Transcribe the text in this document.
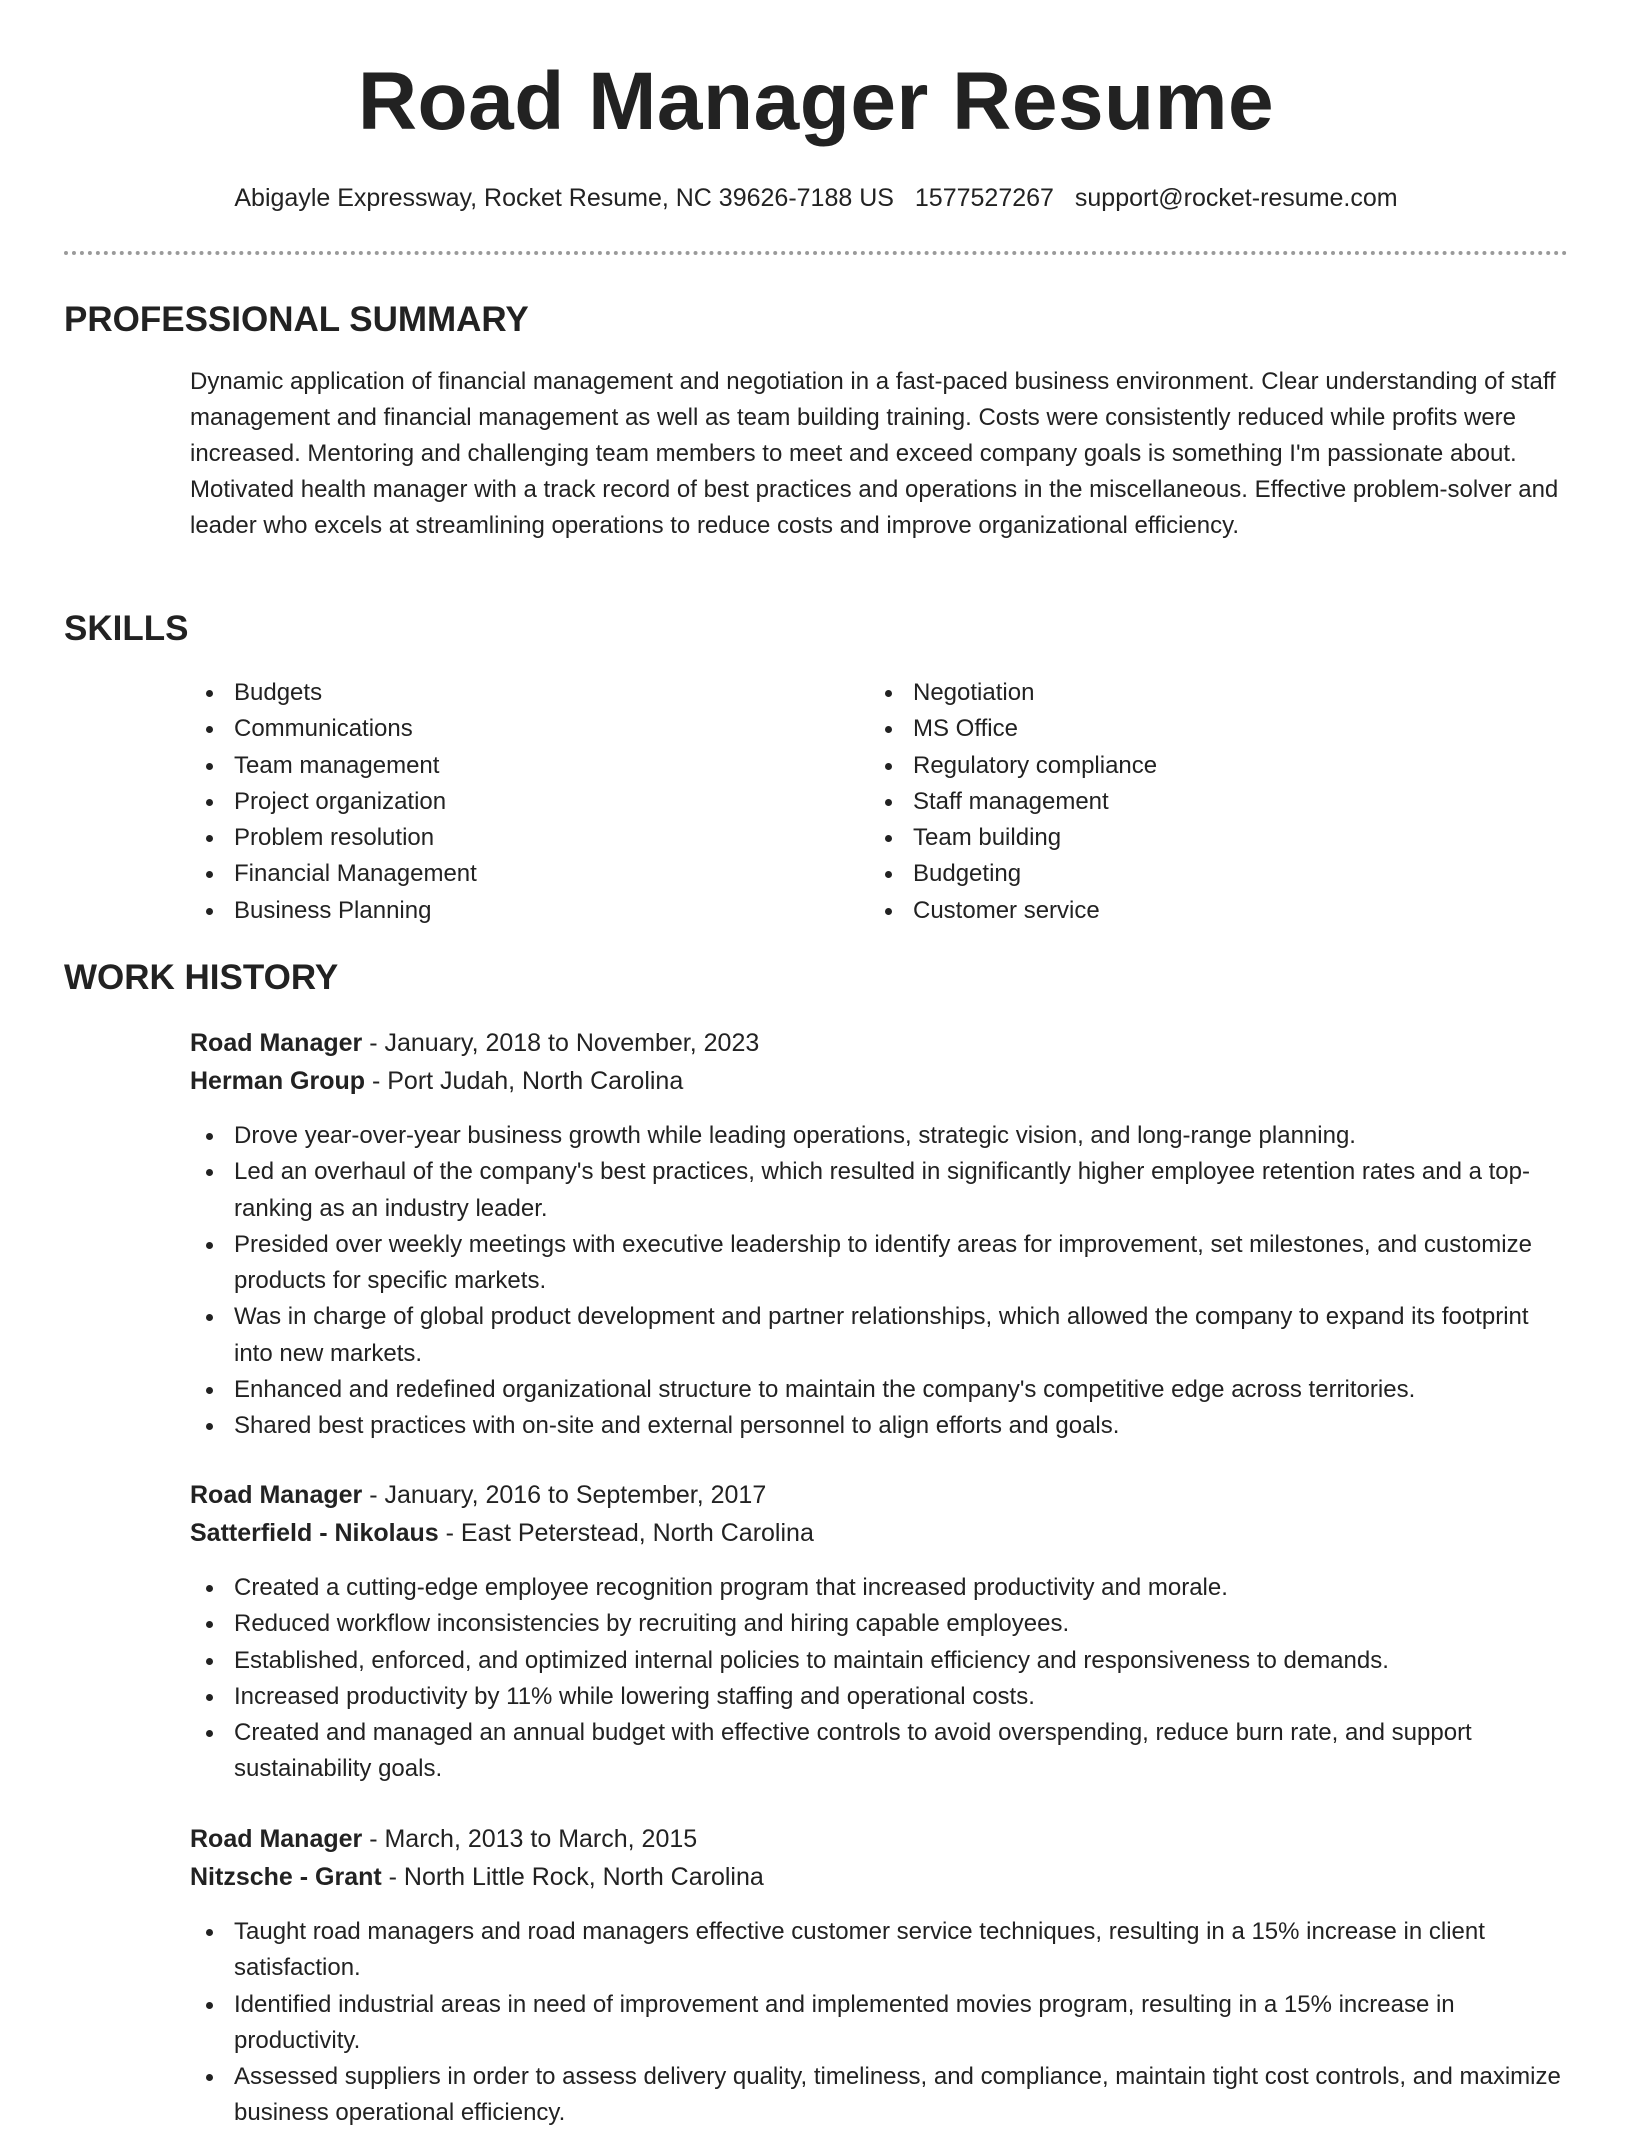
Road Manager Resume
Abigayle Expressway, Rocket Resume, NC 39626-7188 US 1577527267 support@rocket-resume.com
PROFESSIONAL SUMMARY

Dynamic application of financial management and negotiation in a fast-paced business environment. Clear understanding of staff management and financial management as well as team building training. Costs were consistently reduced while profits were increased. Mentoring and challenging team members to meet and exceed company goals is something I'm passionate about. Motivated health manager with a track record of best practices and operations in the miscellaneous. Effective problem-solver and leader who excels at streamlining operations to reduce costs and improve organizational efficiency.

SKILLS
Budgets
Communications
Team management
Project organization
Problem resolution
Financial Management
Business Planning
Negotiation
MS Office
Regulatory compliance
Staff management
Team building
Budgeting
Customer service
WORK HISTORY
Road Manager - January, 2018 to November, 2023
Herman Group - Port Judah, North Carolina
Drove year-over-year business growth while leading operations, strategic vision, and long-range planning.
Led an overhaul of the company's best practices, which resulted in significantly higher employee retention rates and a top-ranking as an industry leader.
Presided over weekly meetings with executive leadership to identify areas for improvement, set milestones, and customize products for specific markets.
Was in charge of global product development and partner relationships, which allowed the company to expand its footprint into new markets.
Enhanced and redefined organizational structure to maintain the company's competitive edge across territories.
Shared best practices with on-site and external personnel to align efforts and goals.
Road Manager - January, 2016 to September, 2017
Satterfield - Nikolaus - East Peterstead, North Carolina
Created a cutting-edge employee recognition program that increased productivity and morale.
Reduced workflow inconsistencies by recruiting and hiring capable employees.
Established, enforced, and optimized internal policies to maintain efficiency and responsiveness to demands.
Increased productivity by 11% while lowering staffing and operational costs.
Created and managed an annual budget with effective controls to avoid overspending, reduce burn rate, and support sustainability goals.
Road Manager - March, 2013 to March, 2015
Nitzsche - Grant - North Little Rock, North Carolina
Taught road managers and road managers effective customer service techniques, resulting in a 15% increase in client satisfaction.
Identified industrial areas in need of improvement and implemented movies program, resulting in a 15% increase in productivity.
Assessed suppliers in order to assess delivery quality, timeliness, and compliance, maintain tight cost controls, and maximize business operational efficiency.
